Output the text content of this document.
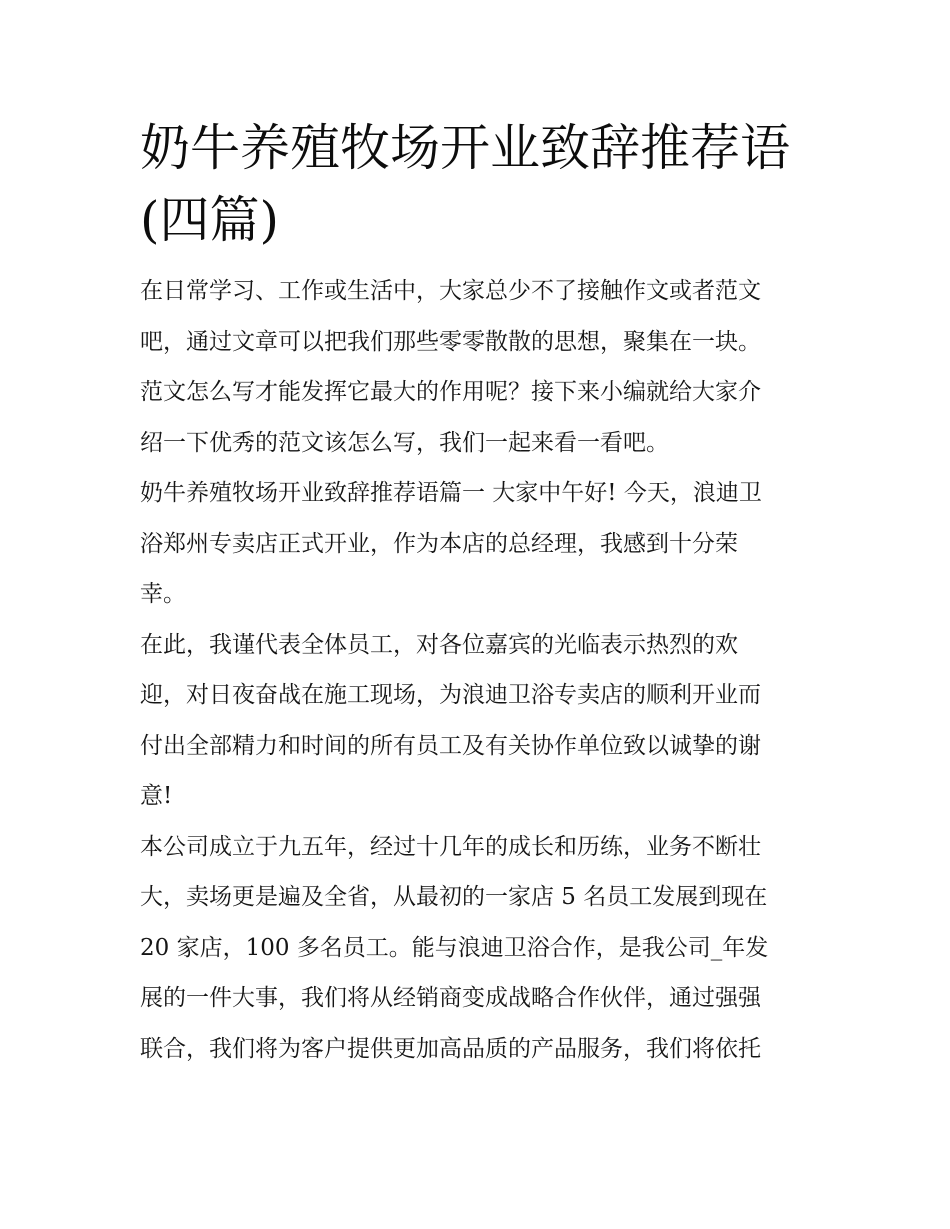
奶牛养殖牧场开业致辞推荐语
(四篇)
在日常学习、工作或生活中，大家总少不了接触作文或者范文
吧，通过文章可以把我们那些零零散散的思想，聚集在一块。
范文怎么写才能发挥它最大的作用呢？接下来小编就给大家介
绍一下优秀的范文该怎么写，我们一起来看一看吧。
奶牛养殖牧场开业致辞推荐语篇一 大家中午好! 今天，浪迪卫
浴郑州专卖店正式开业，作为本店的总经理，我感到十分荣
幸。
在此，我谨代表全体员工，对各位嘉宾的光临表示热烈的欢
迎，对日夜奋战在施工现场，为浪迪卫浴专卖店的顺利开业而
付出全部精力和时间的所有员工及有关协作单位致以诚挚的谢
意!
本公司成立于九五年，经过十几年的成长和历练，业务不断壮
大，卖场更是遍及全省，从最初的一家店 5 名员工发展到现在
20 家店，100 多名员工。能与浪迪卫浴合作，是我公司_年发
展的一件大事，我们将从经销商变成战略合作伙伴，通过强强
联合，我们将为客户提供更加高品质的产品服务，我们将依托
